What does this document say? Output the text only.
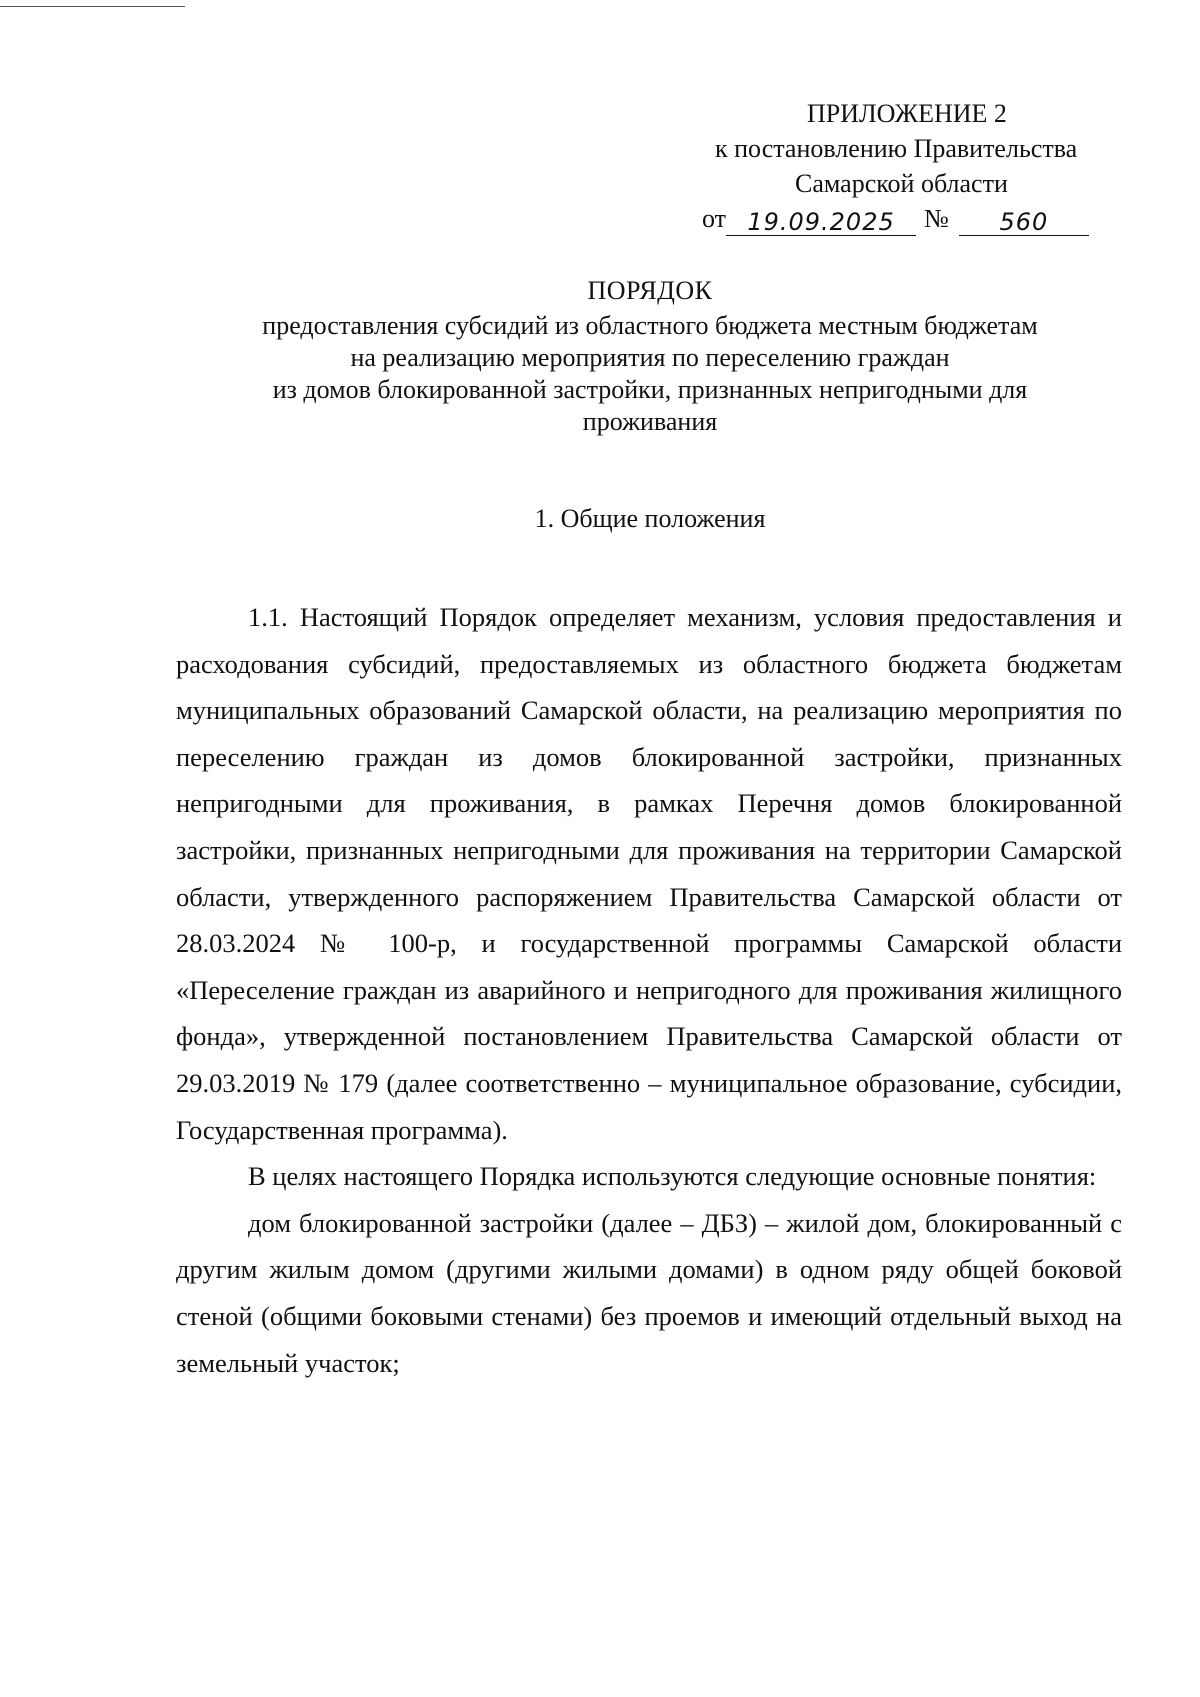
ПРИЛОЖЕНИЕ 2
к постановлению Правительства
Самарской области
от 19.09.2025	№	560
ПОРЯДОК
предоставления субсидий из областного бюджета местным бюджетам
на реализацию мероприятия по переселению граждан
из домов блокированной застройки, признанных непригодными для
проживания
1. Общие положения

1.1. Настоящий Порядок определяет механизм, условия предоставления и расходования субсидий, предоставляемых из областного бюджета бюджетам муниципальных образований Самарской области, на реализацию мероприятия по переселению граждан из домов блокированной застройки, признанных непригодными для проживания, в рамках Перечня домов блокированной застройки, признанных непригодными для проживания на территории Самарской области, утвержденного распоряжением Правительства Самарской области от 28.03.2024 № 100-р, и государственной программы Самарской области «Переселение граждан из аварийного и непригодного для проживания жилищного фонда», утвержденной постановлением Правительства Самарской области от 29.03.2019 № 179 (далее соответственно – муниципальное образование, субсидии, Государственная программа).

В целях настоящего Порядка используются следующие основные понятия:

дом блокированной застройки (далее – ДБЗ) – жилой дом, блокированный с другим жилым домом (другими жилыми домами) в одном ряду общей боковой стеной (общими боковыми стенами) без проемов и имеющий отдельный выход на земельный участок;
